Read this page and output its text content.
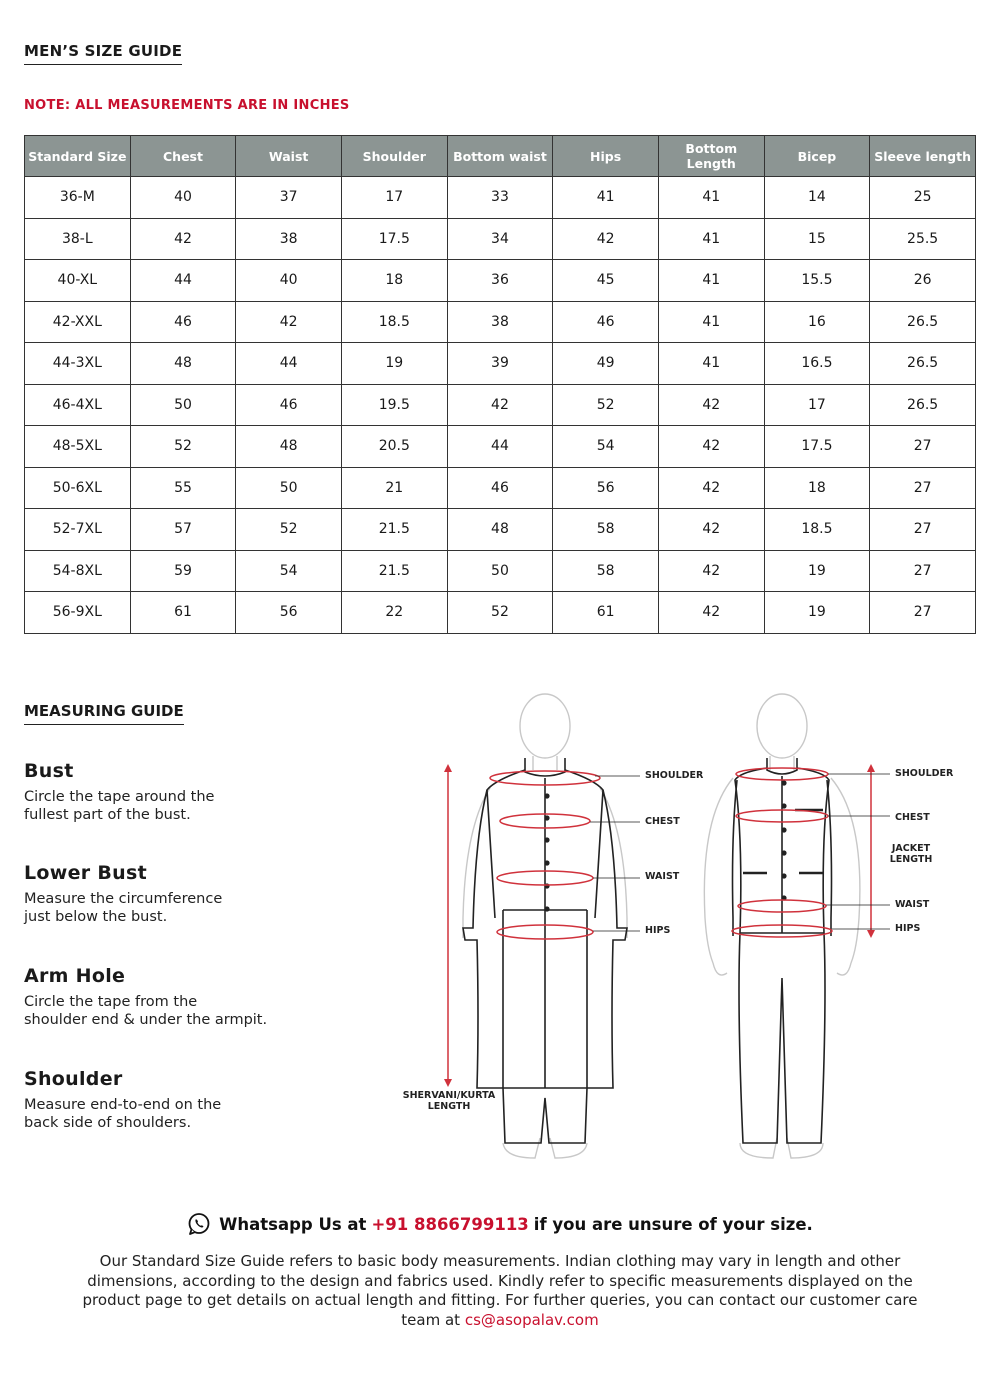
MEN’S SIZE GUIDE
NOTE: ALL MEASUREMENTS ARE IN INCHES
Standard Size	Chest	Waist	Shoulder	Bottom waist	Hips	Bottom Length	Bicep	Sleeve length
36-M	40	37	17	33	41	41	14	25
38-L	42	38	17.5	34	42	41	15	25.5
40-XL	44	40	18	36	45	41	15.5	26
42-XXL	46	42	18.5	38	46	41	16	26.5
44-3XL	48	44	19	39	49	41	16.5	26.5
46-4XL	50	46	19.5	42	52	42	17	26.5
48-5XL	52	48	20.5	44	54	42	17.5	27
50-6XL	55	50	21	46	56	42	18	27
52-7XL	57	52	21.5	48	58	42	18.5	27
54-8XL	59	54	21.5	50	58	42	19	27
56-9XL	61	56	22	52	61	42	19	27
MEASURING GUIDE
Bust

Circle the tape around the
fullest part of the bust.

Lower Bust

Measure the circumference
just below the bust.

Arm Hole

Circle the tape from the
shoulder end & under the armpit.

Shoulder

Measure end-to-end on the
back side of shoulders.

SHOULDER
CHEST
WAIST
HIPS
SHERVANI/KURTA
LENGTH
SHOULDER
CHEST
JACKET
LENGTH
WAIST
HIPS
Whatsapp Us at +91 8866799113 if you are unsure of your size.
Our Standard Size Guide refers to basic body measurements. Indian clothing may vary in length and other dimensions, according to the design and fabrics used. Kindly refer to specific measurements displayed on the product page to get details on actual length and fitting. For further queries, you can contact our customer care team at cs@asopalav.com
